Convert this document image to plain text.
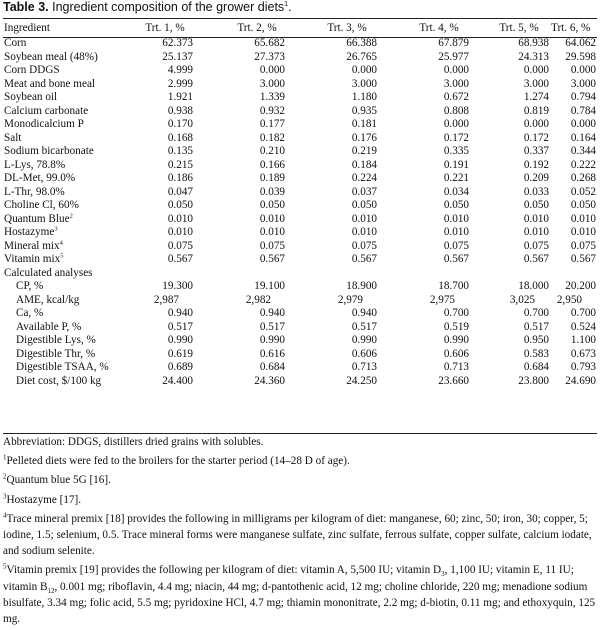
Table 3. Ingredient composition of the grower diets$^1$.
Ingredient	Trt. 1, %	Trt. 2, %	Trt. 3, %	Trt. 4, %	Trt. 5, %	Trt. 6, %
Corn	62.373	65.682	66.388	67.879	68.938	64.062
Soybean meal (48%)	25.137	27.373	26.765	25.977	24.313	29.598
Corn DDGS	4.999	0.000	0.000	0.000	0.000	0.000
Meat and bone meal	2.999	3.000	3.000	3.000	3.000	3.000
Soybean oil	1.921	1.339	1.180	0.672	1.274	0.794
Calcium carbonate	0.938	0.932	0.935	0.808	0.819	0.784
Monodicalcium P	0.170	0.177	0.181	0.000	0.000	0.000
Salt	0.168	0.182	0.176	0.172	0.172	0.164
Sodium bicarbonate	0.135	0.210	0.219	0.335	0.337	0.344
L-Lys, 78.8%	0.215	0.166	0.184	0.191	0.192	0.222
DL-Met, 99.0%	0.186	0.189	0.224	0.221	0.209	0.268
L-Thr, 98.0%	0.047	0.039	0.037	0.034	0.033	0.052
Choline Cl, 60%	0.050	0.050	0.050	0.050	0.050	0.050
Quantum Blue$^2$	0.010	0.010	0.010	0.010	0.010	0.010
Hostazyme$^3$	0.010	0.010	0.010	0.010	0.010	0.010
Mineral mix$^4$	0.075	0.075	0.075	0.075	0.075	0.075
Vitamin mix$^5$	0.567	0.567	0.567	0.567	0.567	0.567
Calculated analyses
CP, %	19.300	19.100	18.900	18.700	18.000	20.200
AME, kcal/kg	2,987	2,982	2,979	2,975	3,025	2,950
Ca, %	0.940	0.940	0.940	0.700	0.700	0.700
Available P, %	0.517	0.517	0.517	0.519	0.517	0.524
Digestible Lys, %	0.990	0.990	0.990	0.990	0.950	1.100
Digestible Thr, %	0.619	0.616	0.606	0.606	0.583	0.673
Digestible TSAA, %	0.689	0.684	0.713	0.713	0.684	0.793
Diet cost, $/100 kg	24.400	24.360	24.250	23.660	23.800	24.690
Abbreviation: DDGS, distillers dried grains with solubles.
$^1$Pelleted diets were fed to the broilers for the starter period (14–28 D of age).
$^2$Quantum blue 5G [16].
$^3$Hostazyme [17].
$^4$Trace mineral premix [18] provides the following in milligrams per kilogram of diet: manganese, 60; zinc, 50; iron, 30; copper, 5; iodine, 1.5; selenium, 0.5. Trace mineral forms were manganese sulfate, zinc sulfate, ferrous sulfate, copper sulfate, calcium iodate, and sodium selenite.
$^5$Vitamin premix [19] provides the following per kilogram of diet: vitamin A, 5,500 IU; vitamin $D_3$, 1,100 IU; vitamin E, 11 IU; vitamin $B_{12}$, 0.001 mg; riboflavin, 4.4 mg; niacin, 44 mg; d-pantothenic acid, 12 mg; choline chloride, 220 mg; menadione sodium bisulfate, 3.34 mg; folic acid, 5.5 mg; pyridoxine HCl, 4.7 mg; thiamin mononitrate, 2.2 mg; d-biotin, 0.11 mg; and ethoxyquin, 125 mg.
